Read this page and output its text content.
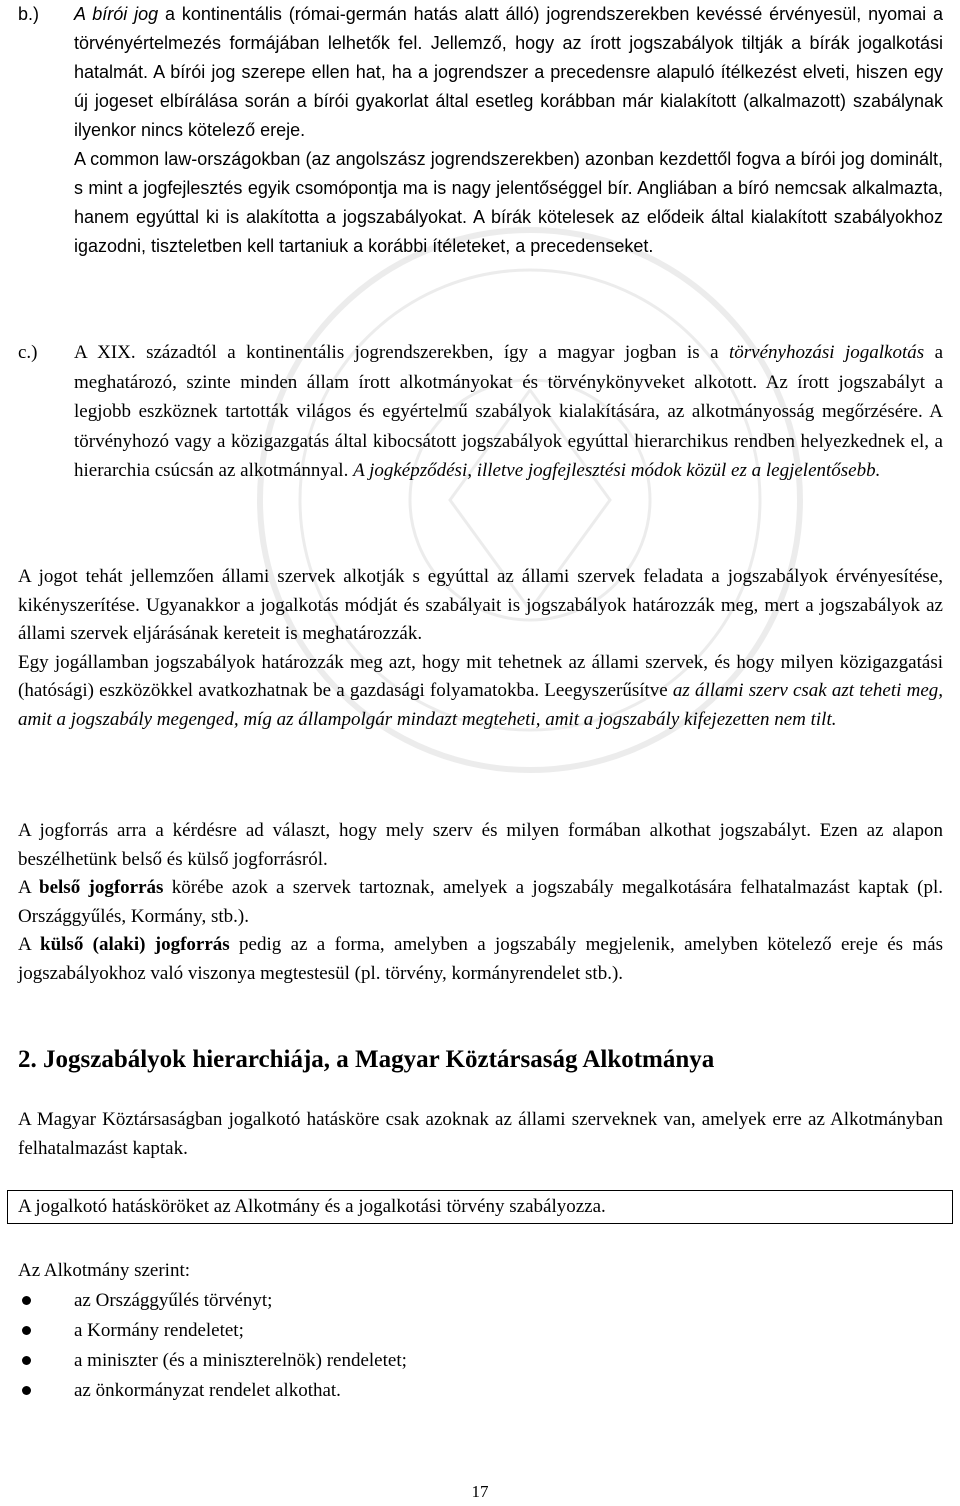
b.)	A bírói jog a kontinentális (római-germán hatás alatt álló) jogrendszerekben kevéssé érvényesül, nyomai a törvényértelmezés formájában lelhetők fel. Jellemző, hogy az írott jogszabályok tiltják a bírák jogalkotási hatalmát. A bírói jog szerepe ellen hat, ha a jogrendszer a precedensre alapuló ítélkezést elveti, hiszen egy új jogeset elbírálása során a bírói gyakorlat által esetleg korábban már kialakított (alkalmazott) szabálynak ilyenkor nincs kötelező ereje.
A common law-országokban (az angolszász jogrendszerekben) azonban kezdettől fogva a bírói jog dominált, s mint a jogfejlesztés egyik csomópontja ma is nagy jelentőséggel bír. Angliában a bíró nemcsak alkalmazta, hanem egyúttal ki is alakította a jogszabályokat. A bírák kötelesek az elődeik által kialakított szabályokhoz igazodni, tiszteletben kell tartaniuk a korábbi ítéleteket, a precedenseket.
c.)	A XIX. századtól a kontinentális jogrendszerekben, így a magyar jogban is a törvényhozási jogalkotás a meghatározó, szinte minden állam írott alkotmányokat és törvénykönyveket alkotott. Az írott jogszabályt a legjobb eszköznek tartották világos és egyértelmű szabályok kialakítására, az alkotmányosság megőrzésére. A törvényhozó vagy a közigazgatás által kibocsátott jogszabályok egyúttal hierarchikus rendben helyezkednek el, a hierarchia csúcsán az alkotmánnyal. A jogképződési, illetve jogfejlesztési módok közül ez a legjelentősebb.

A jogot tehát jellemzően állami szervek alkotják s egyúttal az állami szervek feladata a jogszabályok érvényesítése, kikényszerítése. Ugyanakkor a jogalkotás módját és szabályait is jogszabályok határozzák meg, mert a jogszabályok az állami szervek eljárásának kereteit is meghatározzák.

Egy jogállamban jogszabályok határozzák meg azt, hogy mit tehetnek az állami szervek, és hogy milyen közigazgatási (hatósági) eszközökkel avatkozhatnak be a gazdasági folyamatokba. Leegyszerűsítve az állami szerv csak azt teheti meg, amit a jogszabály megenged, míg az állampolgár mindazt megteheti, amit a jogszabály kifejezetten nem tilt.

A jogforrás arra a kérdésre ad választ, hogy mely szerv és milyen formában alkothat jogszabályt. Ezen az alapon beszélhetünk belső és külső jogforrásról.

A belső jogforrás körébe azok a szervek tartoznak, amelyek a jogszabály megalkotására felhatalmazást kaptak (pl. Országgyűlés, Kormány, stb.).

A külső (alaki) jogforrás pedig az a forma, amelyben a jogszabály megjelenik, amelyben kötelező ereje és más jogszabályokhoz való viszonya megtestesül (pl. törvény, kormányrendelet stb.).

2. Jogszabályok hierarchiája, a Magyar Köztársaság Alkotmánya

A Magyar Köztársaságban jogalkotó hatásköre csak azoknak az állami szerveknek van, amelyek erre az Alkotmányban felhatalmazást kaptak.

A jogalkotó hatásköröket az Alkotmány és a jogalkotási törvény szabályozza.
Az Alkotmány szerint:
az Országgyűlés törvényt;
a Kormány rendeletet;
a miniszter (és a miniszterelnök) rendeletet;
az önkormányzat rendelet alkothat.
17
